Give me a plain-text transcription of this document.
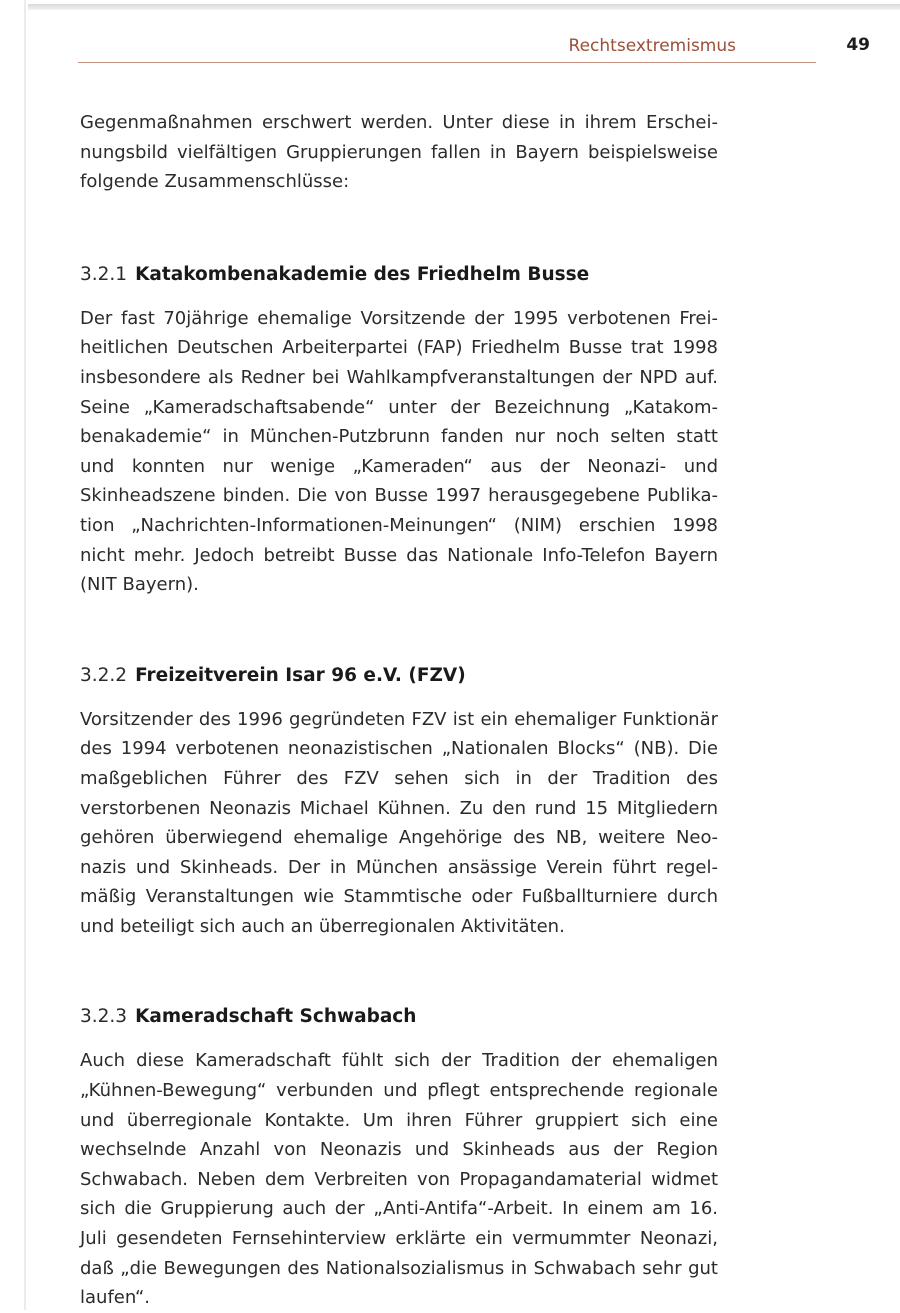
Rechtsextremismus	49

Gegenmaßnahmen erschwert werden. Unter diese in ihrem Erscheinungsbild vielfältigen Gruppierungen fallen in Bayern beispielsweise folgende Zusammenschlüsse:

3.2.1 Katakombenakademie des Friedhelm Busse

Der fast 70jährige ehemalige Vorsitzende der 1995 verbotenen Freiheitlichen Deutschen Arbeiterpartei (FAP) Friedhelm Busse trat 1998 insbesondere als Redner bei Wahlkampfveranstaltungen der NPD auf. Seine „Kameradschaftsabende“ unter der Bezeichnung „Katakombenakademie“ in München-Putzbrunn fanden nur noch selten statt und konnten nur wenige „Kameraden“ aus der Neonazi- und Skinheadszene binden. Die von Busse 1997 herausgegebene Publikation „Nachrichten-Informationen-Meinungen“ (NIM) erschien 1998 nicht mehr. Jedoch betreibt Busse das Nationale Info-Telefon Bayern (NIT Bayern).

3.2.2 Freizeitverein Isar 96 e.V. (FZV)

Vorsitzender des 1996 gegründeten FZV ist ein ehemaliger Funktionär des 1994 verbotenen neonazistischen „Nationalen Blocks“ (NB). Die maßgeblichen Führer des FZV sehen sich in der Tradition des verstorbenen Neonazis Michael Kühnen. Zu den rund 15 Mitgliedern gehören überwiegend ehemalige Angehörige des NB, weitere Neonazis und Skinheads. Der in München ansässige Verein führt regelmäßig Veranstaltungen wie Stammtische oder Fußballturniere durch und beteiligt sich auch an überregionalen Aktivitäten.

3.2.3 Kameradschaft Schwabach

Auch diese Kameradschaft fühlt sich der Tradition der ehemaligen „Kühnen-Bewegung“ verbunden und pflegt entsprechende regionale und überregionale Kontakte. Um ihren Führer gruppiert sich eine wechselnde Anzahl von Neonazis und Skinheads aus der Region Schwabach. Neben dem Verbreiten von Propagandamaterial widmet sich die Gruppierung auch der „Anti-Antifa“-Arbeit. In einem am 16. Juli gesendeten Fernsehinterview erklärte ein vermummter Neonazi, daß „die Bewegungen des Nationalsozialismus in Schwabach sehr gut laufen“.
